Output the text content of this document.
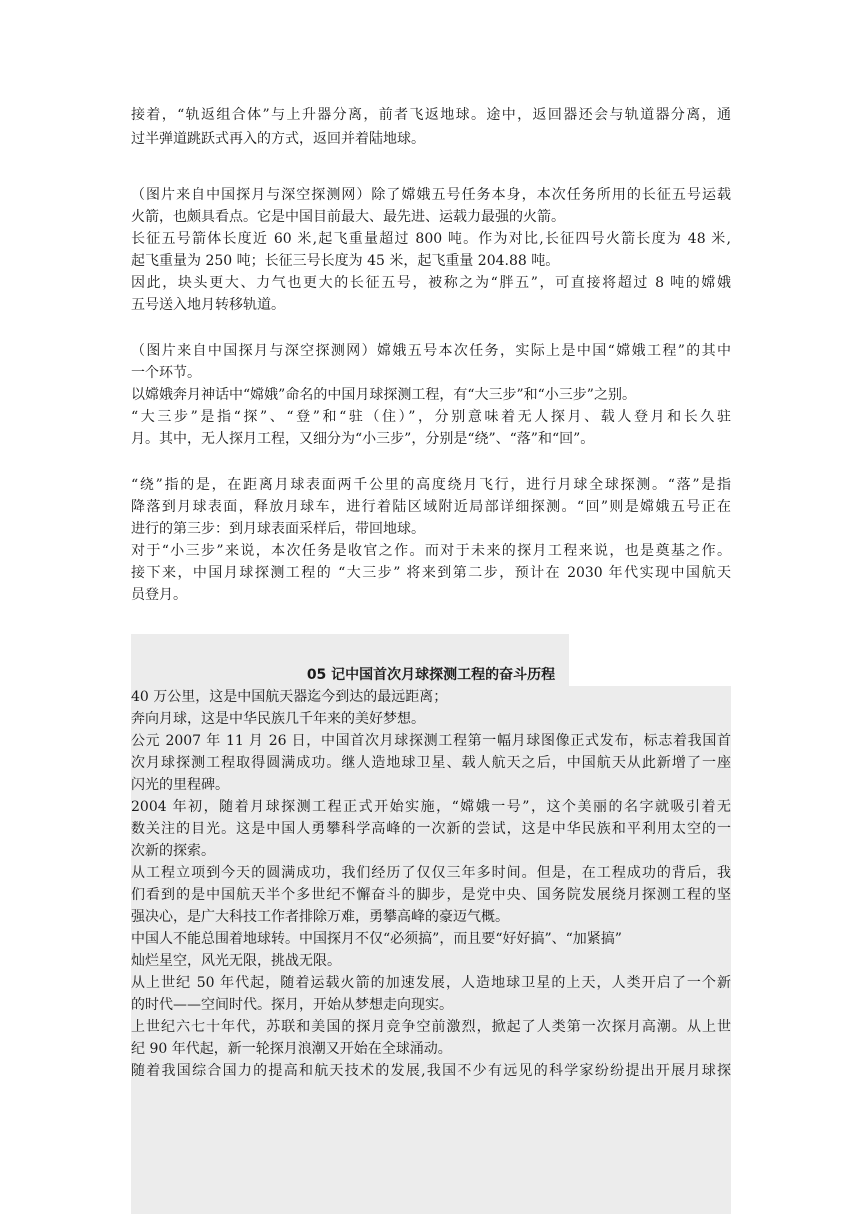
接着，“轨返组合体”与上升器分离，前者飞返地球。途中，返回器还会与轨道器分离，通
过半弹道跳跃式再入的方式，返回并着陆地球。
（图片来自中国探月与深空探测网）除了嫦娥五号任务本身，本次任务所用的长征五号运载
火箭，也颇具看点。它是中国目前最大、最先进、运载力最强的火箭。
长征五号箭体长度近 60 米,起飞重量超过 800 吨。作为对比,长征四号火箭长度为 48 米,
起飞重量为 250 吨；长征三号长度为 45 米，起飞重量 204.88 吨。
因此，块头更大、力气也更大的长征五号，被称之为“胖五”，可直接将超过 8 吨的嫦娥
五号送入地月转移轨道。
（图片来自中国探月与深空探测网）嫦娥五号本次任务，实际上是中国“嫦娥工程”的其中
一个环节。
以嫦娥奔月神话中“嫦娥”命名的中国月球探测工程，有“大三步”和“小三步”之别。
“大三步”是指“探”、“登”和“驻（住）”，分别意味着无人探月、载人登月和长久驻
月。其中，无人探月工程，又细分为“小三步”，分别是“绕”、“落”和“回”。
“绕”指的是，在距离月球表面两千公里的高度绕月飞行，进行月球全球探测。“落”是指
降落到月球表面，释放月球车，进行着陆区域附近局部详细探测。“回”则是嫦娥五号正在
进行的第三步：到月球表面采样后，带回地球。
对于“小三步”来说，本次任务是收官之作。而对于未来的探月工程来说，也是奠基之作。
接下来，中国月球探测工程的 “大三步” 将来到第二步，预计在 2030 年代实现中国航天
员登月。
05 记中国首次月球探测工程的奋斗历程
40 万公里，这是中国航天器迄今到达的最远距离；
奔向月球，这是中华民族几千年来的美好梦想。
公元 2007 年 11 月 26 日，中国首次月球探测工程第一幅月球图像正式发布，标志着我国首
次月球探测工程取得圆满成功。继人造地球卫星、载人航天之后，中国航天从此新增了一座
闪光的里程碑。
2004 年初，随着月球探测工程正式开始实施，“嫦娥一号”，这个美丽的名字就吸引着无
数关注的目光。这是中国人勇攀科学高峰的一次新的尝试，这是中华民族和平利用太空的一
次新的探索。
从工程立项到今天的圆满成功，我们经历了仅仅三年多时间。但是，在工程成功的背后，我
们看到的是中国航天半个多世纪不懈奋斗的脚步，是党中央、国务院发展绕月探测工程的坚
强决心，是广大科技工作者排除万难，勇攀高峰的豪迈气概。
中国人不能总围着地球转。中国探月不仅“必须搞”，而且要“好好搞”、“加紧搞”
灿烂星空，风光无限，挑战无限。
从上世纪 50 年代起，随着运载火箭的加速发展，人造地球卫星的上天，人类开启了一个新
的时代——空间时代。探月，开始从梦想走向现实。
上世纪六七十年代，苏联和美国的探月竞争空前激烈，掀起了人类第一次探月高潮。从上世
纪 90 年代起，新一轮探月浪潮又开始在全球涌动。
随着我国综合国力的提高和航天技术的发展,我国不少有远见的科学家纷纷提出开展月球探
